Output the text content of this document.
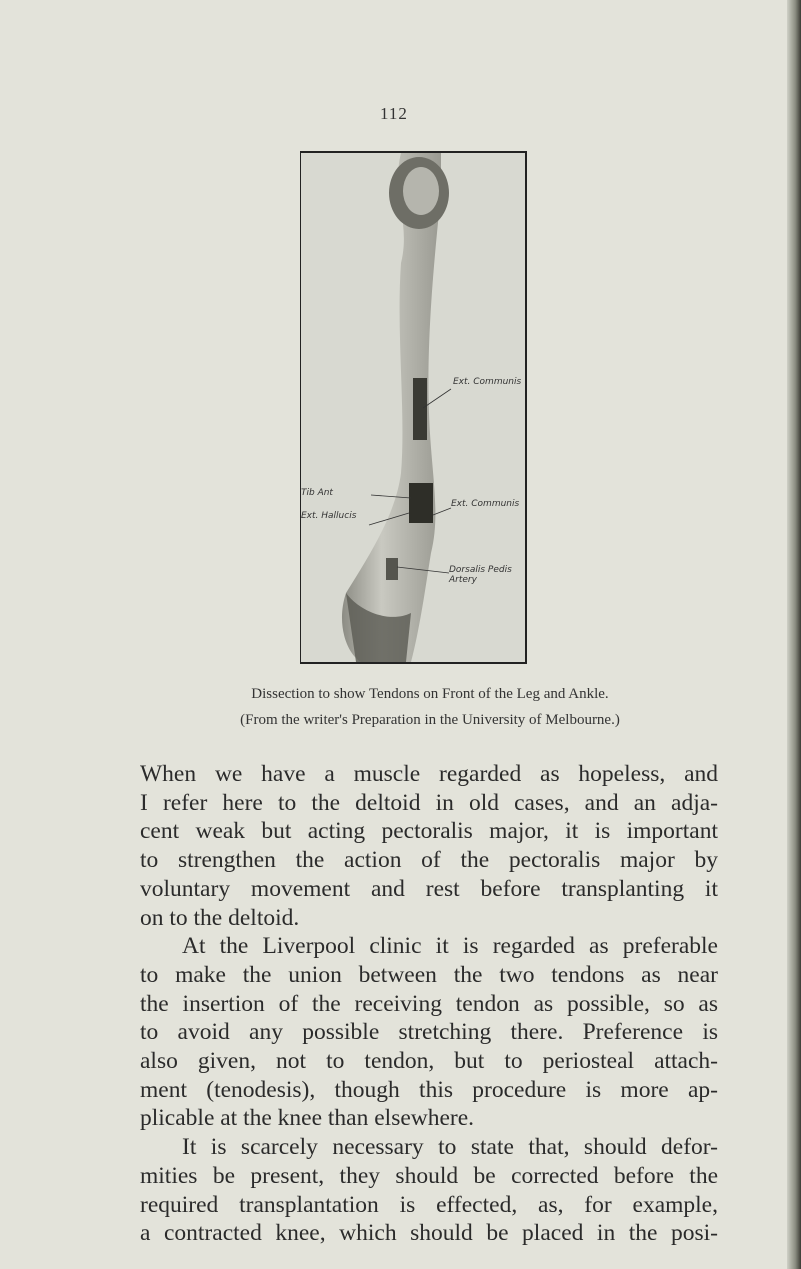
112
Ext. Communis
Tib Ant
Ext. Hallucis
Ext. Communis
Dorsalis Pedis Artery
Dissection to show Tendons on Front of the Leg and Ankle.
(From the writer's Preparation in the University of Melbourne.)
When we have a muscle regarded as hopeless, and
I refer here to the deltoid in old cases, and an adja-
cent weak but acting pectoralis major, it is important
to strengthen the action of the pectoralis major by
voluntary movement and rest before transplanting it
on to the deltoid.
At the Liverpool clinic it is regarded as preferable
to make the union between the two tendons as near
the insertion of the receiving tendon as possible, so as
to avoid any possible stretching there. Preference is
also given, not to tendon, but to periosteal attach-
ment (tenodesis), though this procedure is more ap-
plicable at the knee than elsewhere.
It is scarcely necessary to state that, should defor-
mities be present, they should be corrected before the
required transplantation is effected, as, for example,
a contracted knee, which should be placed in the posi-
